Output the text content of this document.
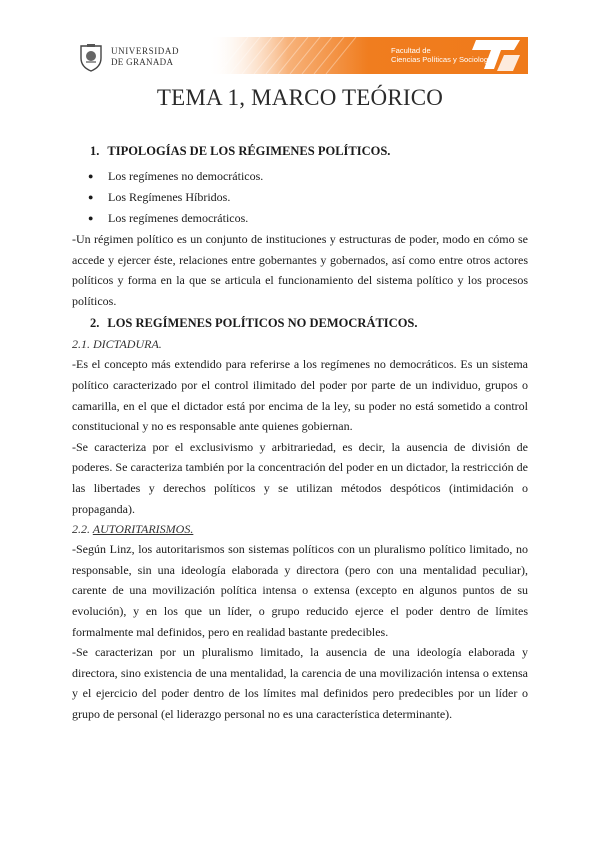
UNIVERSIDAD
DE GRANADA
Facultad de
Ciencias Políticas y Sociología
TEMA 1, MARCO TEÓRICO
1. TIPOLOGÍAS DE LOS RÉGIMENES POLÍTICOS.
● Los regímenes no democráticos.
● Los Regímenes Híbridos.
● Los regímenes democráticos.

-Un régimen político es un conjunto de instituciones y estructuras de poder, modo en cómo se accede y ejercer éste, relaciones entre gobernantes y gobernados, así como entre otros actores políticos y forma en la que se articula el funcionamiento del sistema político y los procesos políticos.

2. LOS REGÍMENES POLÍTICOS NO DEMOCRÁTICOS.

2.1. DICTADURA.

-Es el concepto más extendido para referirse a los regímenes no democráticos. Es un sistema político caracterizado por el control ilimitado del poder por parte de un individuo, grupos o camarilla, en el que el dictador está por encima de la ley, su poder no está sometido a control constitucional y no es responsable ante quienes gobiernan.

-Se caracteriza por el exclusivismo y arbitrariedad, es decir, la ausencia de división de poderes. Se caracteriza también por la concentración del poder en un dictador, la restricción de las libertades y derechos políticos y se utilizan métodos despóticos (intimidación o propaganda).

2.2. AUTORITARISMOS.

-Según Linz, los autoritarismos son sistemas políticos con un pluralismo político limitado, no responsable, sin una ideología elaborada y directora (pero con una mentalidad peculiar), carente de una movilización política intensa o extensa (excepto en algunos puntos de su evolución), y en los que un líder, o grupo reducido ejerce el poder dentro de límites formalmente mal definidos, pero en realidad bastante predecibles.

-Se caracterizan por un pluralismo limitado, la ausencia de una ideología elaborada y directora, sino existencia de una mentalidad, la carencia de una movilización intensa o extensa y el ejercicio del poder dentro de los límites mal definidos pero predecibles por un líder o grupo de personal (el liderazgo personal no es una característica determinante).
